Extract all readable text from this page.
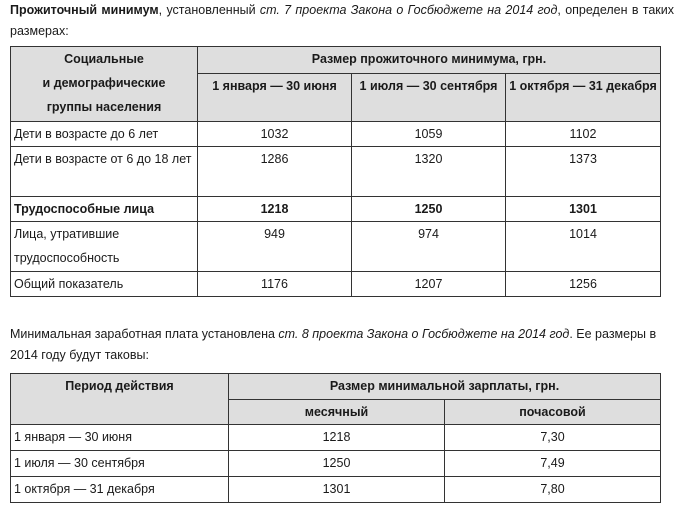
Прожиточный минимум, установленный ст. 7 проекта Закона о Госбюджете на 2014 год, определен в таких размерах:

Социальные
и демографические
группы населения	Размер прожиточного минимума, грн.		
	1 января — 30 июня	1 июля — 30 сентября	1 октября — 31 декабря
Дети в возрасте до 6 лет	1032	1059	1102
Дети в возрасте от 6 до 18 лет	1286	1320	1373
Трудоспособные лица	1218	1250	1301
Лица, утратившие трудоспособность	949	974	1014
Общий показатель	1176	1207	1256

Минимальная заработная плата установлена ст. 8 проекта Закона о Госбюджете на 2014 год. Ее размеры в 2014 году будут таковы:

Период действия	Размер минимальной зарплаты, грн.	
	месячный	почасовой
1 января — 30 июня	1218	7,30
1 июля — 30 сентября	1250	7,49
1 октября — 31 декабря	1301	7,80
